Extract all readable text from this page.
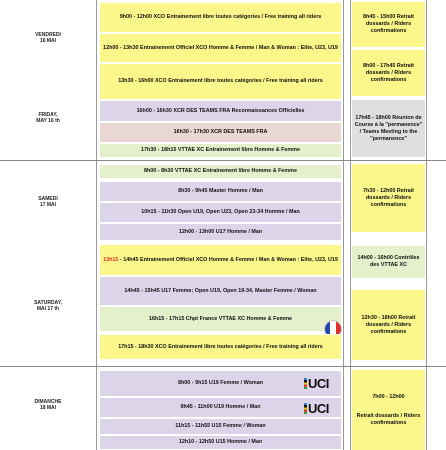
VENDREDI
16 MAI
FRIDAY,
MAY 16 th
9h00 - 12h00 XCO Entrainement libre toutes catégories / Free training all riders
12h00 - 13h30 Entrainement Officiel XCO Homme & Femme / Man & Woman : Elite, U23, U19
13h30 - 16h00 XCO Entrainement libre toutes catégories / Free training all riders
16h00 - 16h30 XCR DES TEAMS FRA Reconnaissances Officielles
16h30 - 17h30 XCR DES TEAMS FRA
17h30 - 18h15 VTTAE XC Entrainement libre Homme & Femme
8h45 - 15h00 Retrait dossards / Riders confirmations
8h00 - 17h45 Retrait dossards / Riders confirmations
17h45 - 18h00 Réunion de Course à la "permanence" / Teams Meeting to the "permanence"
SAMEDI
17 MAI
SATURDAY,
MAI 17 th
8h00 - 8h30 VTTAE XC Entrainement libre Homme & Femme
8h30 - 9h45 Master Homme / Man
10h15 - 11h30 Open U19, Open U23, Open 23-34 Homme / Man
12h00 - 13h00 U17 Homme / Man
13h15 - 14h45 Entrainement Officiel XCO Homme & Femme / Man & Woman : Elite, U23, U19
14h45 - 15h45 U17 Femme; Open U19, Open 19-34, Master Femme / Woman
16h15 - 17h15 Chpt France VTTAE XC Homme & Femme
17h15 - 18h30 XCO Entrainement libre toutes catégories / Free training all riders
7h30 - 12h00 Retrait dossards / Riders confirmations
14h00 - 16h00 Contrôles des VTTAE XC
12h30 - 18h00 Retrait dossards / Riders confirmations
DIMANCHE
18 MAI
8h00 - 9h15 U19 Femme / Woman
9h45 - 11h00 U19 Homme / Man
11h15 - 11h55 U15 Femme / Woman
12h10 - 12h50 U15 Homme / Man
UCI
UCI
7h00 - 12h00
Retrait dossards / Riders confirmations
